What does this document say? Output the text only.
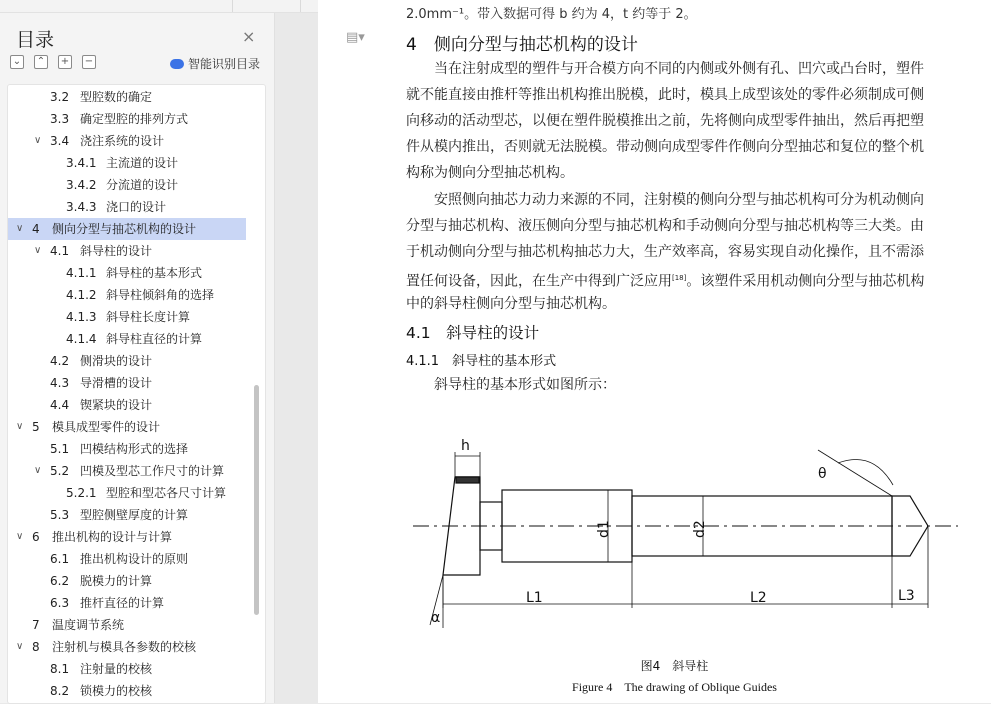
目录	×
⌄ ⌃ + −	智能识别目录
8.2 锁模力的校核
8.1 注射量的校核
∨ 8 注射机与模具各参数的校核
7 温度调节系统
6.3 推杆直径的计算
6.2 脱模力的计算
6.1 推出机构设计的原则
∨ 6 推出机构的设计与计算
5.3 型腔侧壁厚度的计算
5.2.1 型腔和型芯各尺寸计算
∨ 5.2 凹模及型芯工作尺寸的计算
5.1 凹模结构形式的选择
∨ 5 模具成型零件的设计
4.4 锲紧块的设计
4.3 导滑槽的设计
4.2 侧滑块的设计
4.1.4 斜导柱直径的计算
4.1.3 斜导柱长度计算
4.1.2 斜导柱倾斜角的选择
4.1.1 斜导柱的基本形式
∨ 4.1 斜导柱的设计
∨ 4 侧向分型与抽芯机构的设计
3.4.3 浇口的设计
3.4.2 分流道的设计
3.4.1 主流道的设计
∨ 3.4 浇注系统的设计
3.3 确定型腔的排列方式
3.2 型腔数的确定
▤▾
2.0mm⁻¹。带入数据可得 b 约为 4，t 约等于 2。
4　侧向分型与抽芯机构的设计
　　当在注射成型的塑件与开合模方向不同的内侧或外侧有孔、凹穴或凸台时，塑件
就不能直接由推杆等推出机构推出脱模，此时，模具上成型该处的零件必须制成可侧
向移动的活动型芯，以便在塑件脱模推出之前，先将侧向成型零件抽出，然后再把塑
件从模内推出，否则就无法脱模。带动侧向成型零件作侧向分型抽芯和复位的整个机
构称为侧向分型抽芯机构。
　　安照侧向抽芯力动力来源的不同，注射模的侧向分型与抽芯机构可分为机动侧向
分型与抽芯机构、液压侧向分型与抽芯机构和手动侧向分型与抽芯机构等三大类。由
于机动侧向分型与抽芯机构抽芯力大，生产效率高，容易实现自动化操作，且不需添
置任何设备，因此，在生产中得到广泛应用[18]。该塑件采用机动侧向分型与抽芯机构
中的斜导柱侧向分型与抽芯机构。
4.1　斜导柱的设计
4.1.1　斜导柱的基本形式
　　斜导柱的基本形式如图所示：
h
d1	d2
L1	L2	L3
θ
α
图4　斜导柱
Figure 4　The drawing of Oblique Guides
